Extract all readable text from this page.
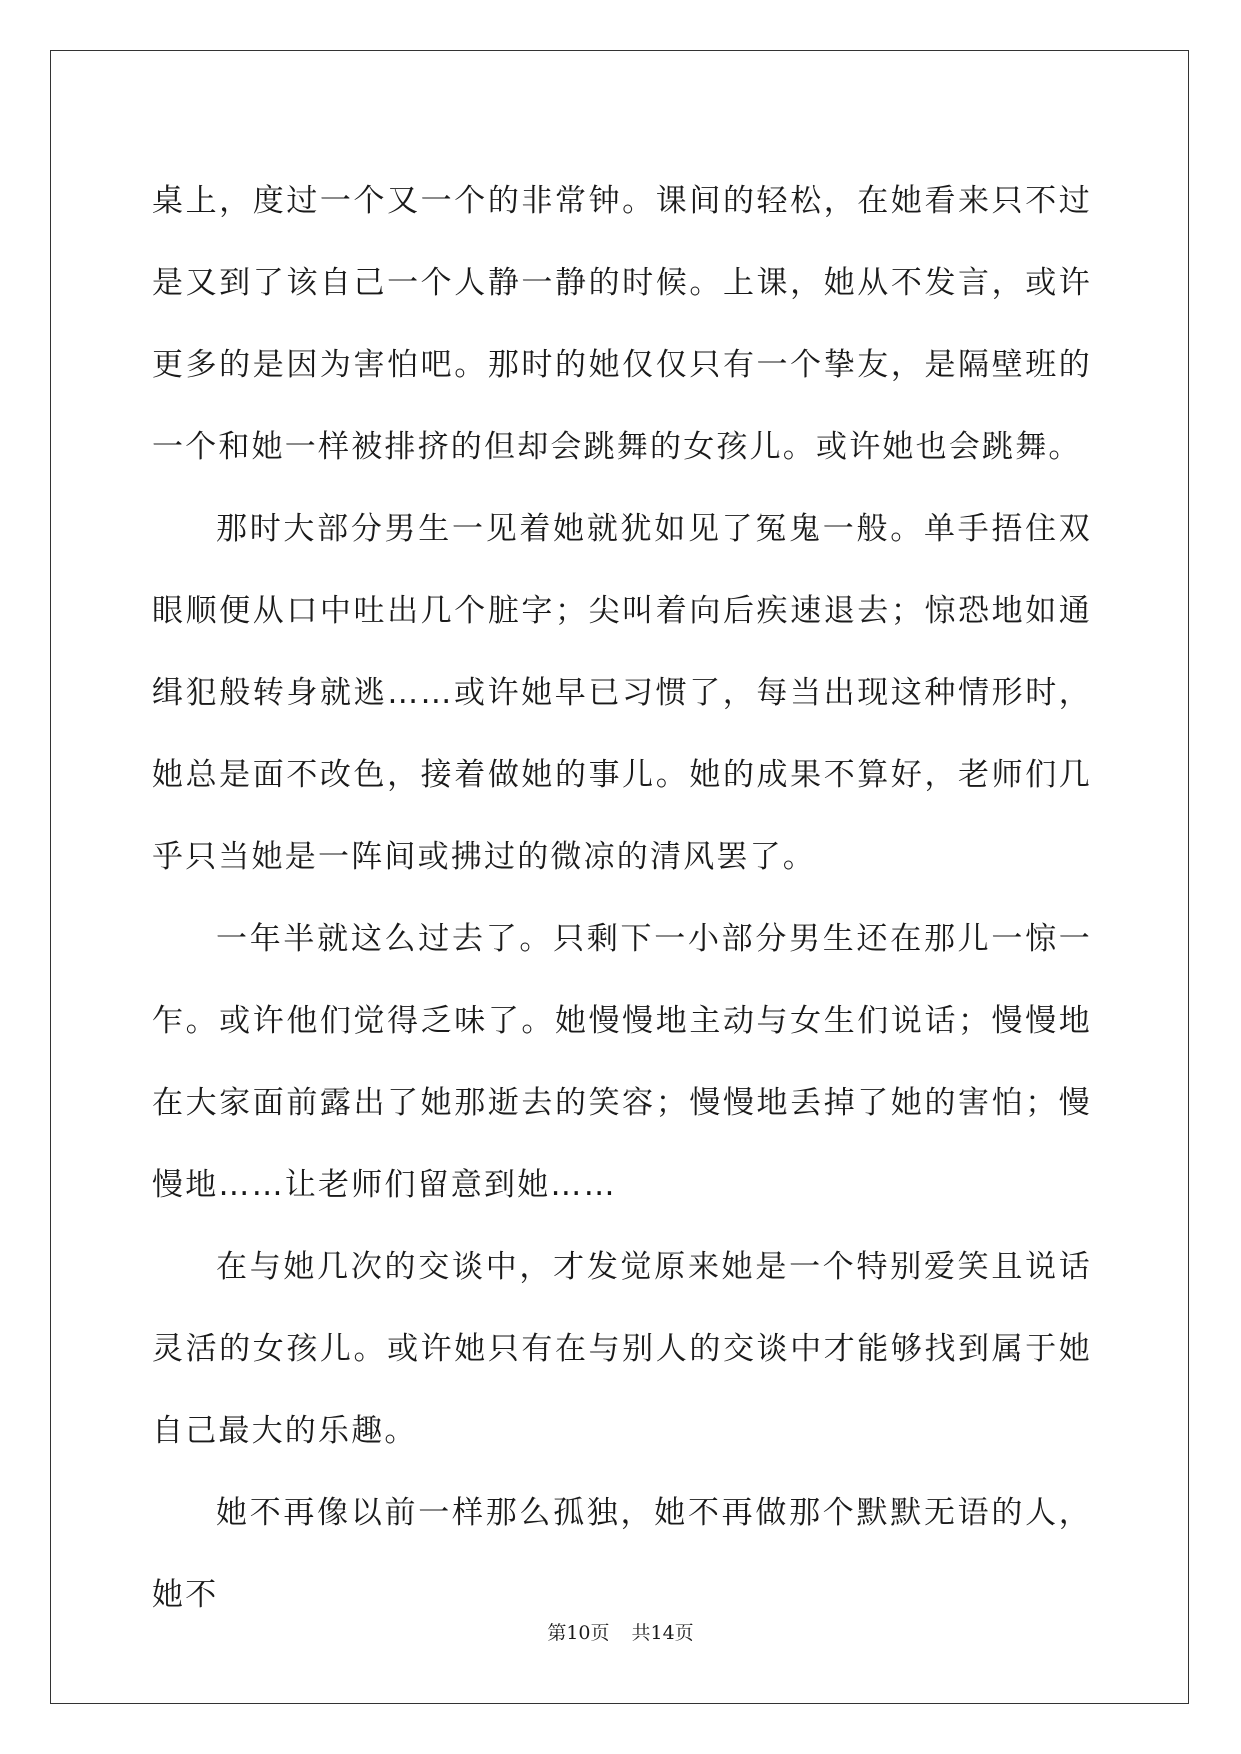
桌上，度过一个又一个的非常钟。课间的轻松，在她看来只不过是又到了该自己一个人静一静的时候。上课，她从不发言，或许更多的是因为害怕吧。那时的她仅仅只有一个挚友，是隔壁班的一个和她一样被排挤的但却会跳舞的女孩儿。或许她也会跳舞。

那时大部分男生一见着她就犹如见了冤鬼一般。单手捂住双眼顺便从口中吐出几个脏字；尖叫着向后疾速退去；惊恐地如通缉犯般转身就逃……或许她早已习惯了，每当出现这种情形时，她总是面不改色，接着做她的事儿。她的成果不算好，老师们几乎只当她是一阵间或拂过的微凉的清风罢了。

一年半就这么过去了。只剩下一小部分男生还在那儿一惊一乍。或许他们觉得乏味了。她慢慢地主动与女生们说话；慢慢地在大家面前露出了她那逝去的笑容；慢慢地丢掉了她的害怕；慢慢地……让老师们留意到她……

在与她几次的交谈中，才发觉原来她是一个特别爱笑且说话灵活的女孩儿。或许她只有在与别人的交谈中才能够找到属于她自己最大的乐趣。

她不再像以前一样那么孤独，她不再做那个默默无语的人，她不

第10页 共14页
